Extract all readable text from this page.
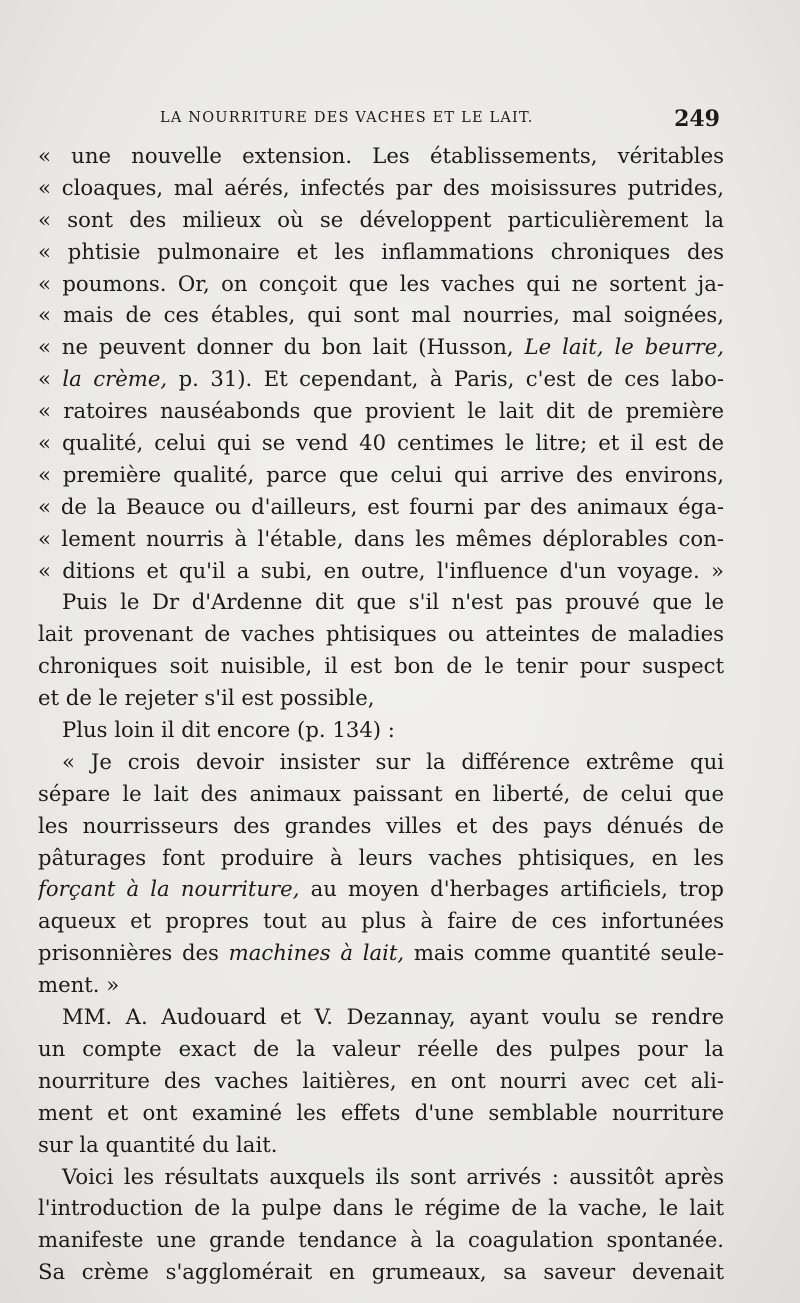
LA NOURRITURE DES VACHES ET LE LAIT.	249
« une nouvelle extension. Les établissements, véritables
« cloaques, mal aérés, infectés par des moisissures putrides,
« sont des milieux où se développent particulièrement la
« phtisie pulmonaire et les inflammations chroniques des
« poumons. Or, on conçoit que les vaches qui ne sortent ja-
« mais de ces étables, qui sont mal nourries, mal soignées,
« ne peuvent donner du bon lait (Husson, Le lait, le beurre,
« la crème, p. 31). Et cependant, à Paris, c'est de ces labo-
« ratoires nauséabonds que provient le lait dit de première
« qualité, celui qui se vend 40 centimes le litre; et il est de
« première qualité, parce que celui qui arrive des environs,
« de la Beauce ou d'ailleurs, est fourni par des animaux éga-
« lement nourris à l'étable, dans les mêmes déplorables con-
« ditions et qu'il a subi, en outre, l'influence d'un voyage. »
Puis le Dr d'Ardenne dit que s'il n'est pas prouvé que le
lait provenant de vaches phtisiques ou atteintes de maladies
chroniques soit nuisible, il est bon de le tenir pour suspect
et de le rejeter s'il est possible,
Plus loin il dit encore (p. 134) :
« Je crois devoir insister sur la différence extrême qui
sépare le lait des animaux paissant en liberté, de celui que
les nourrisseurs des grandes villes et des pays dénués de
pâturages font produire à leurs vaches phtisiques, en les
forçant à la nourriture, au moyen d'herbages artificiels, trop
aqueux et propres tout au plus à faire de ces infortunées
prisonnières des machines à lait, mais comme quantité seule-
ment. »
MM. A. Audouard et V. Dezannay, ayant voulu se rendre
un compte exact de la valeur réelle des pulpes pour la
nourriture des vaches laitières, en ont nourri avec cet ali-
ment et ont examiné les effets d'une semblable nourriture
sur la quantité du lait.
Voici les résultats auxquels ils sont arrivés : aussitôt après
l'introduction de la pulpe dans le régime de la vache, le lait
manifeste une grande tendance à la coagulation spontanée.
Sa crème s'agglomérait en grumeaux, sa saveur devenait
